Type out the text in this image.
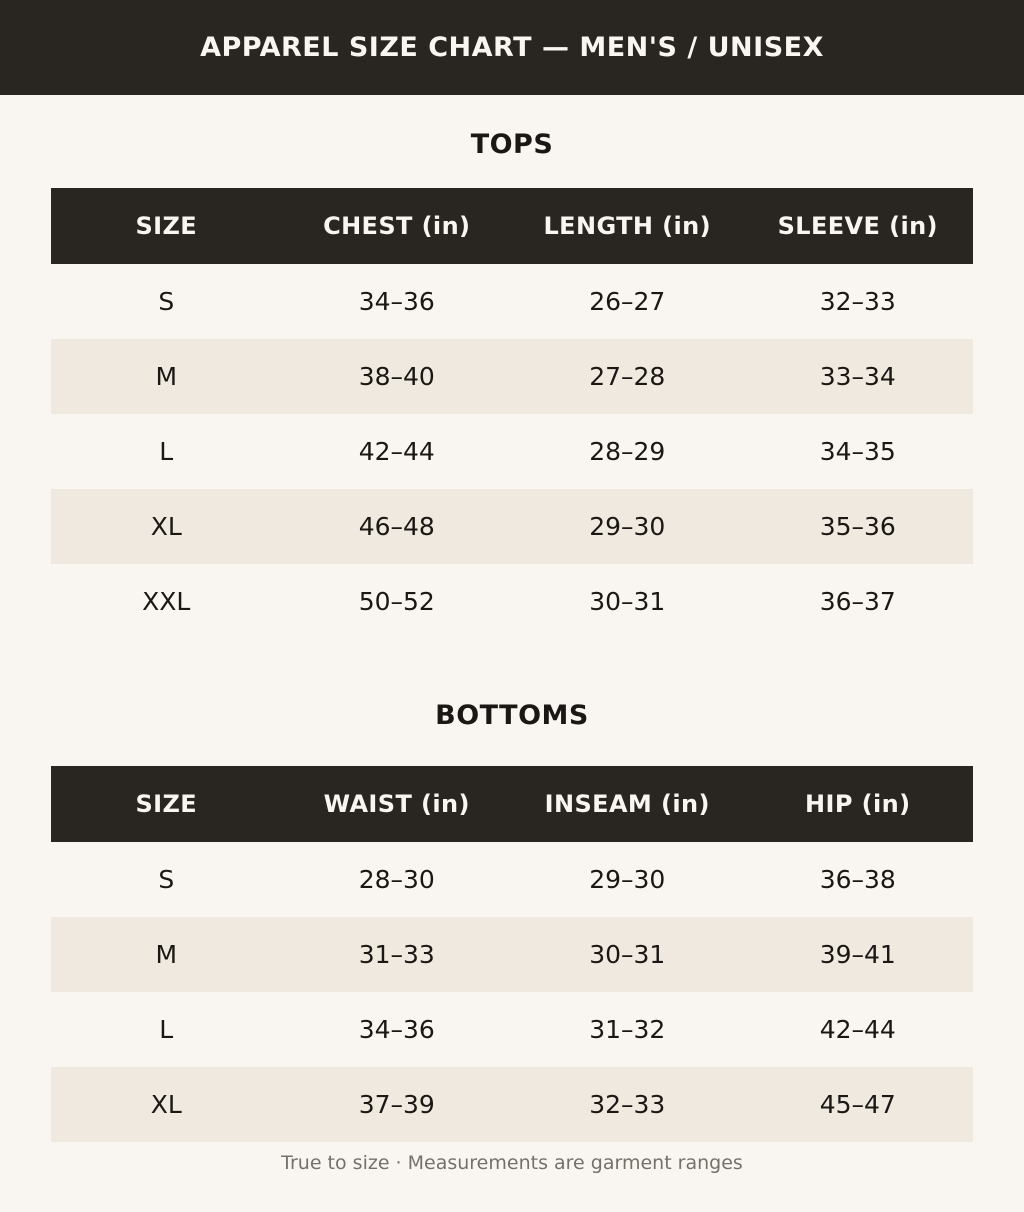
APPAREL SIZE CHART — MEN'S / UNISEX
TOPS
SIZE	CHEST (in)	LENGTH (in)	SLEEVE (in)
S	34–36	26–27	32–33
M	38–40	27–28	33–34
L	42–44	28–29	34–35
XL	46–48	29–30	35–36
XXL	50–52	30–31	36–37
BOTTOMS
SIZE	WAIST (in)	INSEAM (in)	HIP (in)
S	28–30	29–30	36–38
M	31–33	30–31	39–41
L	34–36	31–32	42–44
XL	37–39	32–33	45–47
True to size · Measurements are garment ranges
